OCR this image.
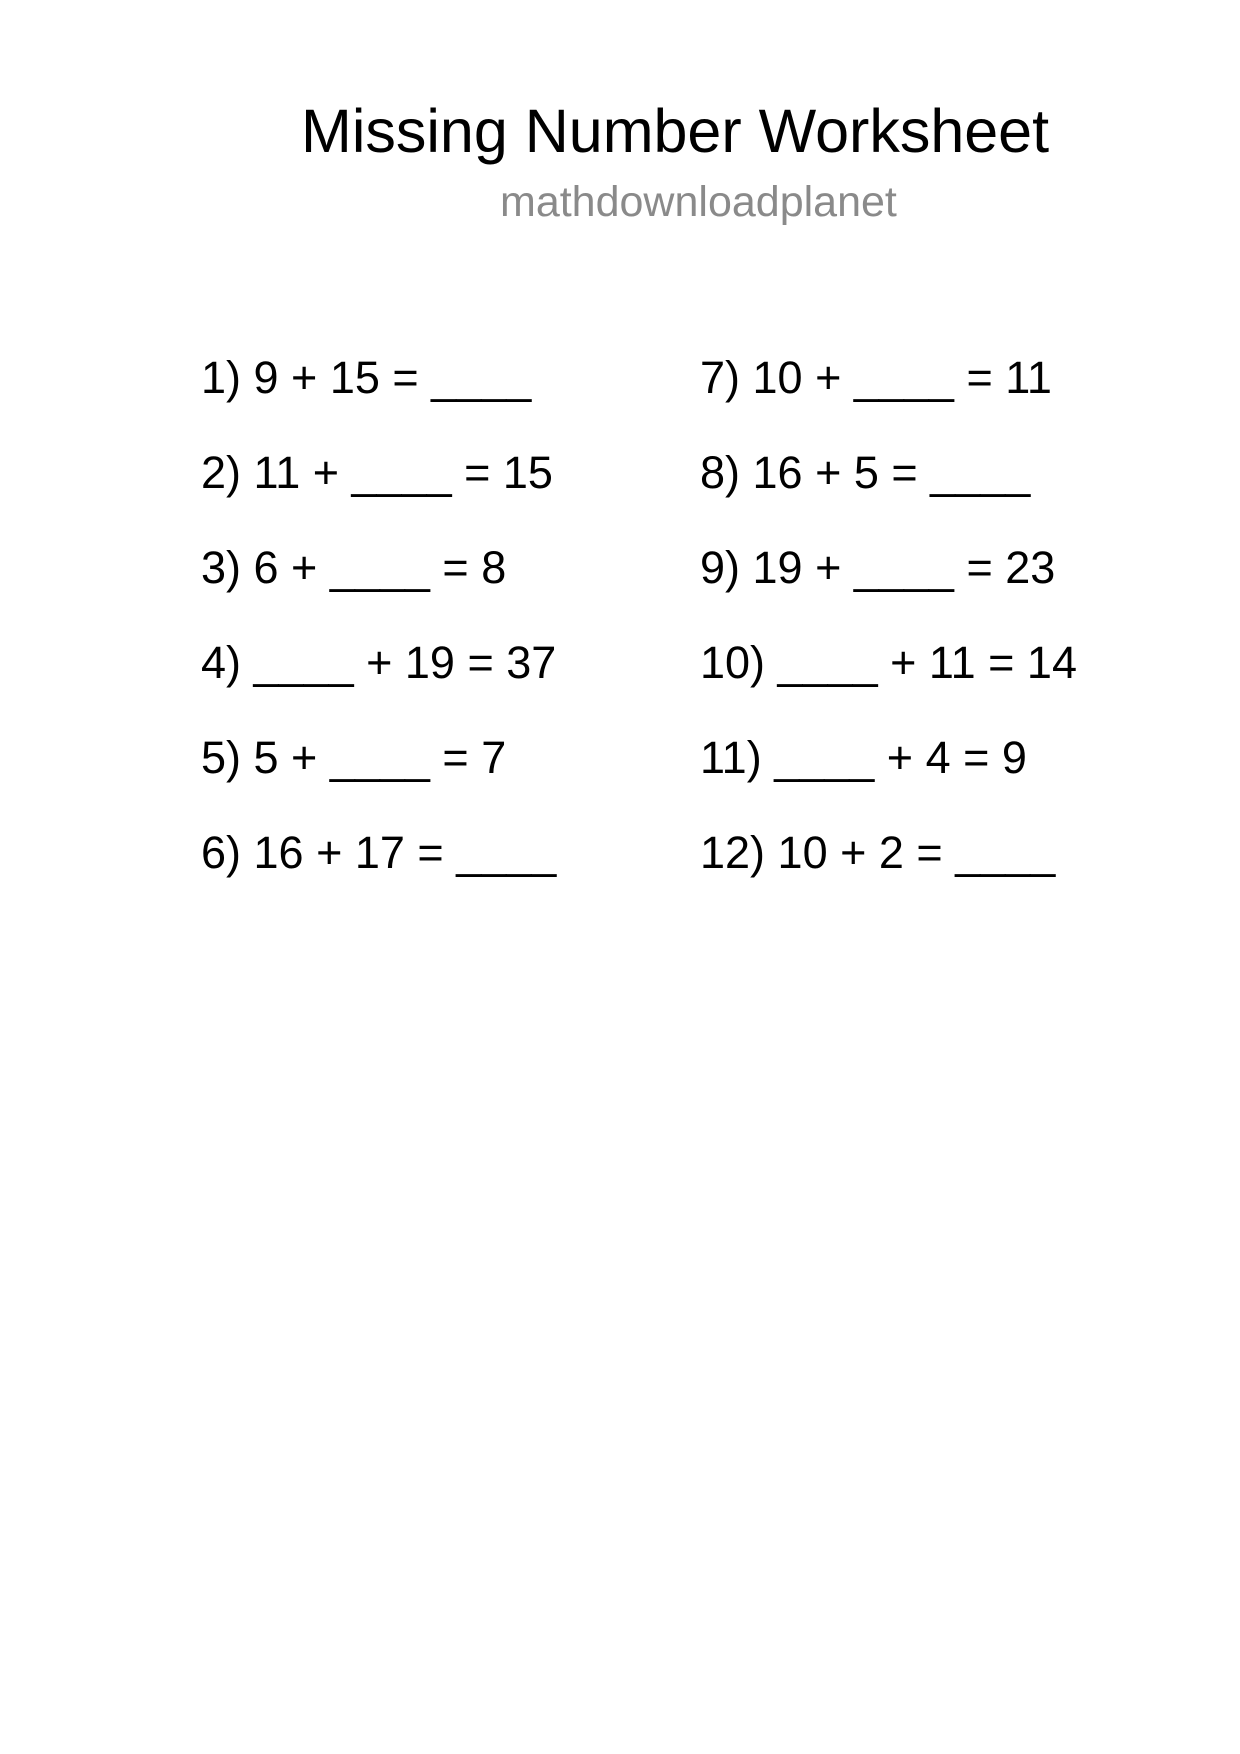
Missing Number Worksheet
mathdownloadplanet
1) 9 + 15 = ____
2) 11 + ____ = 15
3) 6 + ____ = 8
4) ____ + 19 = 37
5) 5 + ____ = 7
6) 16 + 17 = ____
7) 10 + ____ = 11
8) 16 + 5 = ____
9) 19 + ____ = 23
10) ____ + 11 = 14
11) ____ + 4 = 9
12) 10 + 2 = ____
